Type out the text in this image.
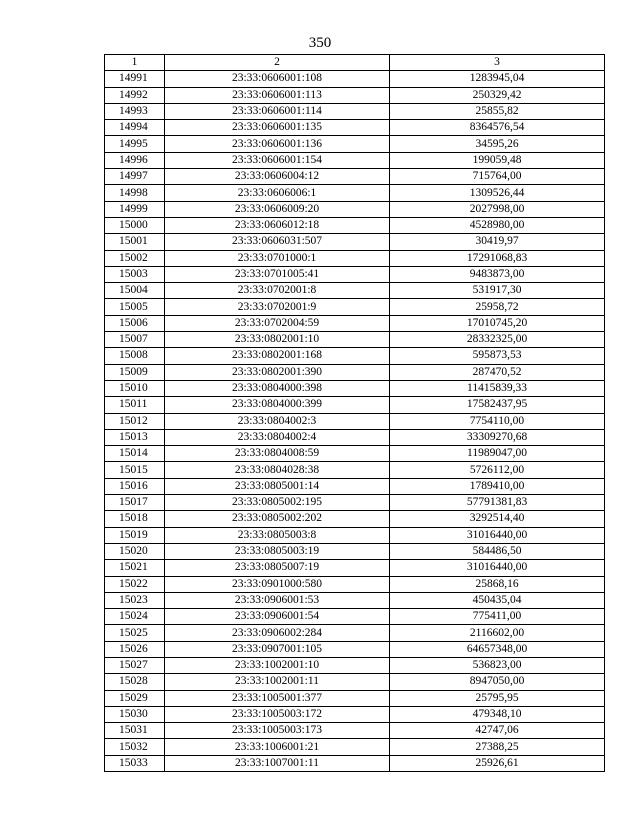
350
1	2	3
14991	23:33:0606001:108	1283945,04
14992	23:33:0606001:113	250329,42
14993	23:33:0606001:114	25855,82
14994	23:33:0606001:135	8364576,54
14995	23:33:0606001:136	34595,26
14996	23:33:0606001:154	199059,48
14997	23:33:0606004:12	715764,00
14998	23:33:0606006:1	1309526,44
14999	23:33:0606009:20	2027998,00
15000	23:33:0606012:18	4528980,00
15001	23:33:0606031:507	30419,97
15002	23:33:0701000:1	17291068,83
15003	23:33:0701005:41	9483873,00
15004	23:33:0702001:8	531917,30
15005	23:33:0702001:9	25958,72
15006	23:33:0702004:59	17010745,20
15007	23:33:0802001:10	28332325,00
15008	23:33:0802001:168	595873,53
15009	23:33:0802001:390	287470,52
15010	23:33:0804000:398	11415839,33
15011	23:33:0804000:399	17582437,95
15012	23:33:0804002:3	7754110,00
15013	23:33:0804002:4	33309270,68
15014	23:33:0804008:59	11989047,00
15015	23:33:0804028:38	5726112,00
15016	23:33:0805001:14	1789410,00
15017	23:33:0805002:195	57791381,83
15018	23:33:0805002:202	3292514,40
15019	23:33:0805003:8	31016440,00
15020	23:33:0805003:19	584486,50
15021	23:33:0805007:19	31016440,00
15022	23:33:0901000:580	25868,16
15023	23:33:0906001:53	450435,04
15024	23:33:0906001:54	775411,00
15025	23:33:0906002:284	2116602,00
15026	23:33:0907001:105	64657348,00
15027	23:33:1002001:10	536823,00
15028	23:33:1002001:11	8947050,00
15029	23:33:1005001:377	25795,95
15030	23:33:1005003:172	479348,10
15031	23:33:1005003:173	42747,06
15032	23:33:1006001:21	27388,25
15033	23:33:1007001:11	25926,61
